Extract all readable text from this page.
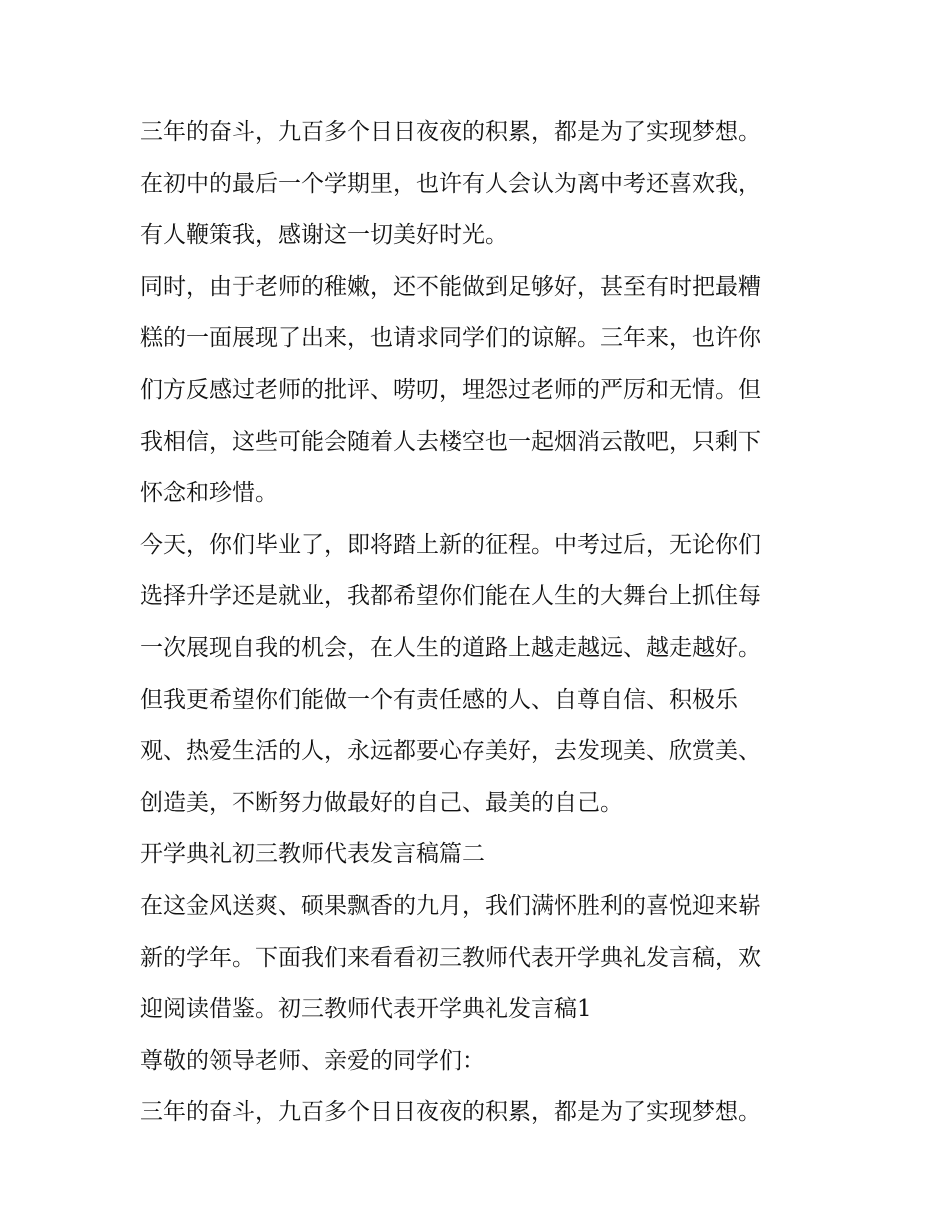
三年的奋斗，九百多个日日夜夜的积累，都是为了实现梦想。
在初中的最后一个学期里，也许有人会认为离中考还喜欢我，
有人鞭策我，感谢这一切美好时光。
同时，由于老师的稚嫩，还不能做到足够好，甚至有时把最糟
糕的一面展现了出来，也请求同学们的谅解。三年来，也许你
们方反感过老师的批评、唠叨，埋怨过老师的严厉和无情。但
我相信，这些可能会随着人去楼空也一起烟消云散吧，只剩下
怀念和珍惜。
今天，你们毕业了，即将踏上新的征程。中考过后，无论你们
选择升学还是就业，我都希望你们能在人生的大舞台上抓住每
一次展现自我的机会，在人生的道路上越走越远、越走越好。
但我更希望你们能做一个有责任感的人、自尊自信、积极乐
观、热爱生活的人，永远都要心存美好，去发现美、欣赏美、
创造美，不断努力做最好的自己、最美的自己。
开学典礼初三教师代表发言稿篇二
在这金风送爽、硕果飘香的九月，我们满怀胜利的喜悦迎来崭
新的学年。下面我们来看看初三教师代表开学典礼发言稿，欢
迎阅读借鉴。初三教师代表开学典礼发言稿1
尊敬的领导老师、亲爱的同学们：
三年的奋斗，九百多个日日夜夜的积累，都是为了实现梦想。
